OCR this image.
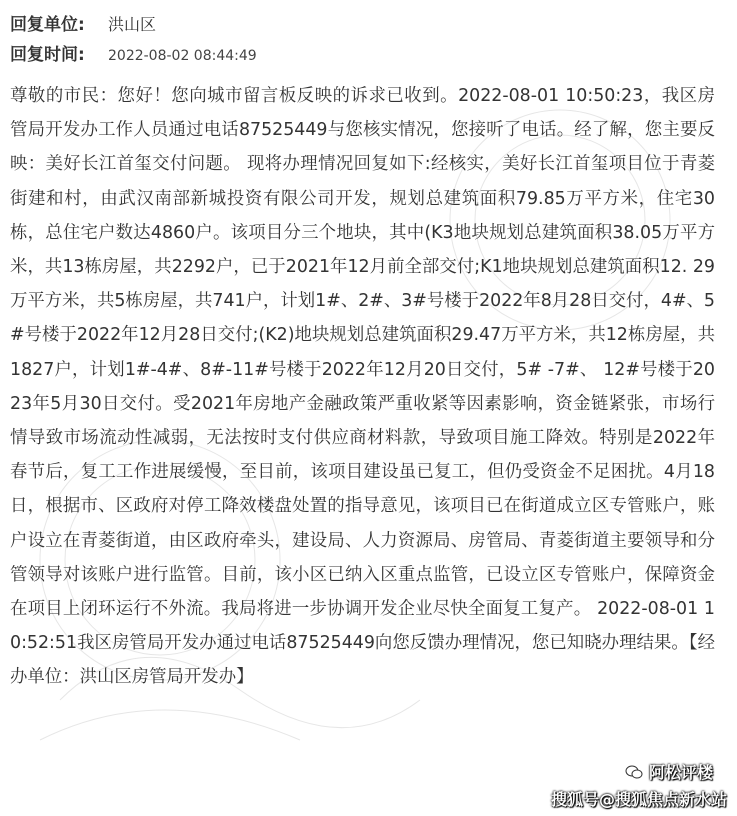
回复单位:	洪山区
回复时间:	2022-08-02 08:44:49
尊敬的市民：您好！您向城市留言板反映的诉求已收到。2022-08-01 10:50:23，我区房管局开发办工作人员通过电话87525449与您核实情况，您接听了电话。经了解，您主要反映：美好长江首玺交付问题。 现将办理情况回复如下:经核实，美好长江首玺项目位于青菱街建和村，由武汉南部新城投资有限公司开发，规划总建筑面积79.85万平方米，住宅30栋，总住宅户数达4860户。该项目分三个地块，其中(K3地块规划总建筑面积38.05万平方米，共13栋房屋，共2292户，已于2021年12月前全部交付;K1地块规划总建筑面积12. 29万平方米，共5栋房屋，共741户，计划1#、2#、3#号楼于2022年8月28日交付，4#、5#号楼于2022年12月28日交付;(K2)地块规划总建筑面积29.47万平方米，共12栋房屋，共1827户，计划1#-4#、8#-11#号楼于2022年12月20日交付，5# -7#、 12#号楼于2023年5月30日交付。受2021年房地产金融政策严重收紧等因素影响，资金链紧张，市场行情导致市场流动性减弱，无法按时支付供应商材料款，导致项目施工降效。特别是2022年春节后，复工工作进展缓慢，至目前，该项目建设虽已复工，但仍受资金不足困扰。4月18日，根据市、区政府对停工降效楼盘处置的指导意见，该项目已在街道成立区专管账户，账户设立在青菱街道，由区政府牵头，建设局、人力资源局、房管局、青菱街道主要领导和分管领导对该账户进行监管。目前，该小区已纳入区重点监管，已设立区专管账户，保障资金在项目上闭环运行不外流。我局将进一步协调开发企业尽快全面复工复产。 2022-08-01 10:52:51我区房管局开发办通过电话87525449向您反馈办理情况，您已知晓办理结果。【经办单位：洪山区房管局开发办】
阿松评楼
搜狐号@搜狐焦点新水站
